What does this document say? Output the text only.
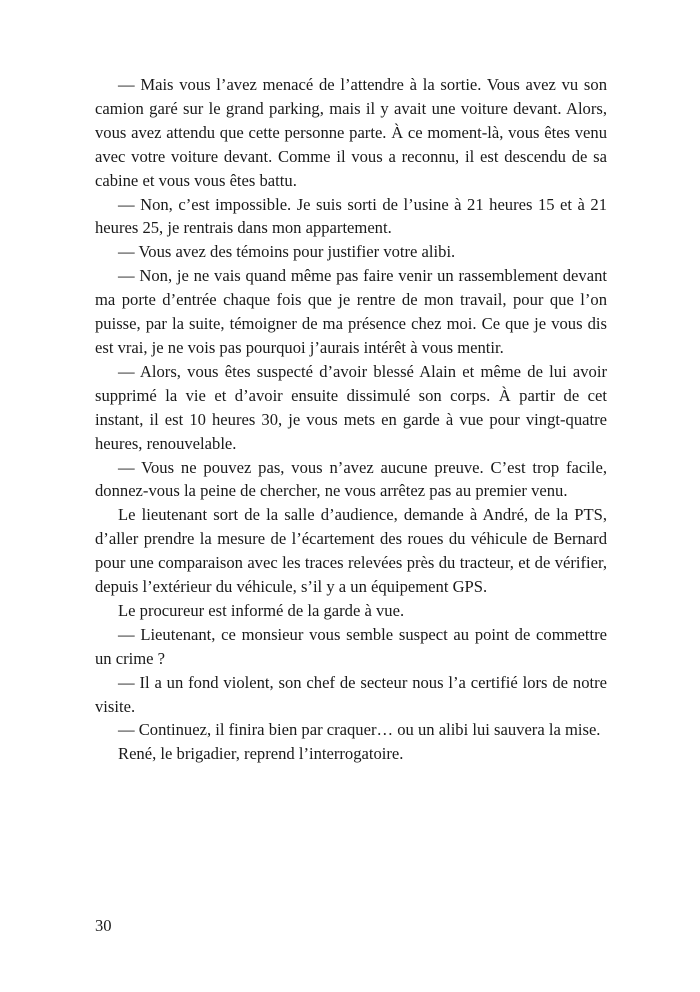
— Mais vous l’avez menacé de l’attendre à la sortie. Vous avez vu son camion garé sur le grand parking, mais il y avait une voiture devant. Alors, vous avez attendu que cette personne parte. À ce moment-là, vous êtes venu avec votre voiture devant. Comme il vous a reconnu, il est descendu de sa cabine et vous vous êtes battu.

— Non, c’est impossible. Je suis sorti de l’usine à 21 heures 15 et à 21 heures 25, je rentrais dans mon appartement.

— Vous avez des témoins pour justifier votre alibi.

— Non, je ne vais quand même pas faire venir un rassemblement devant ma porte d’entrée chaque fois que je rentre de mon travail, pour que l’on puisse, par la suite, témoigner de ma présence chez moi. Ce que je vous dis est vrai, je ne vois pas pourquoi j’aurais intérêt à vous mentir.

— Alors, vous êtes suspecté d’avoir blessé Alain et même de lui avoir supprimé la vie et d’avoir ensuite dissimulé son corps. À partir de cet instant, il est 10 heures 30, je vous mets en garde à vue pour vingt-quatre heures, renouvelable.

— Vous ne pouvez pas, vous n’avez aucune preuve. C’est trop facile, donnez-vous la peine de chercher, ne vous arrêtez pas au premier venu.

Le lieutenant sort de la salle d’audience, demande à André, de la PTS, d’aller prendre la mesure de l’écartement des roues du véhicule de Bernard pour une comparaison avec les traces relevées près du tracteur, et de vérifier, depuis l’extérieur du véhicule, s’il y a un équipement GPS.

Le procureur est informé de la garde à vue.

— Lieutenant, ce monsieur vous semble suspect au point de commettre un crime ?

— Il a un fond violent, son chef de secteur nous l’a certifié lors de notre visite.

— Continuez, il finira bien par craquer… ou un alibi lui sauvera la mise.

René, le brigadier, reprend l’interrogatoire.

30
